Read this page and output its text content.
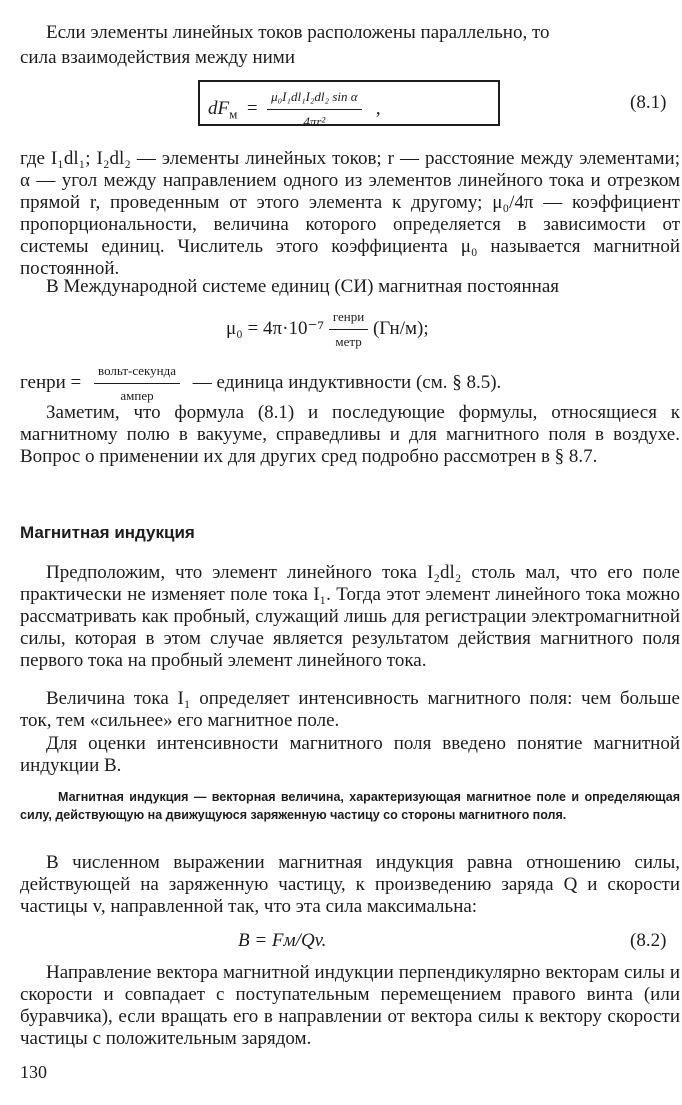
Если элементы линейных токов расположены параллельно, то
сила взаимодействия между ними

$dF_м = \frac{\text{μ₀I₁dl₁I₂dl₂ sin α}}{\text{4πr²}}$ ,	(8.1)

где I₁dl₁; I₂dl₂ — элементы линейных токов; r — расстояние между элементами; α — угол между направлением одного из элементов линейного тока и отрезком прямой r, проведенным от этого элемента к другому; μ₀/4π — коэффициент пропорциональности, величина которого определяется в зависимости от системы единиц. Числитель этого коэффициента μ₀ называется магнитной постоянной.

В Международной системе единиц (СИ) магнитная постоянная

$\mu_0 = 4\pi\cdot 10^{-7} \frac{\text{генри}}{\text{метр}} (Гн/м)$;
генри = $\frac{\text{вольт-секунда}}{\text{ампер}}$ — единица индуктивности (см. § 8.5).

Заметим, что формула (8.1) и последующие формулы, относящиеся к магнитному полю в вакууме, справедливы и для магнитного поля в воздухе. Вопрос о применении их для других сред подробно рассмотрен в § 8.7.

Магнитная индукция

Предположим, что элемент линейного тока I₂dl₂ столь мал, что его поле практически не изменяет поле тока I₁. Тогда этот элемент линейного тока можно рассматривать как пробный, служащий лишь для регистрации электромагнитной силы, которая в этом случае является результатом действия магнитного поля первого тока на пробный элемент линейного тока.

Величина тока I₁ определяет интенсивность магнитного поля: чем больше ток, тем «сильнее» его магнитное поле.

Для оценки интенсивности магнитного поля введено понятие магнитной индукции B.

Магнитная индукция — векторная величина, характеризующая магнитное поле и определяющая силу, действующую на движущуюся заряженную частицу со стороны магнитного поля.

В численном выражении магнитная индукция равна отношению силы, действующей на заряженную частицу, к произведению заряда Q и скорости частицы v, направленной так, что эта сила максимальна:

B = Fм/Qv.	(8.2)

Направление вектора магнитной индукции перпендикулярно векторам силы и скорости и совпадает с поступательным перемещением правого винта (или буравчика), если вращать его в направлении от вектора силы к вектору скорости частицы с положительным зарядом.

130
